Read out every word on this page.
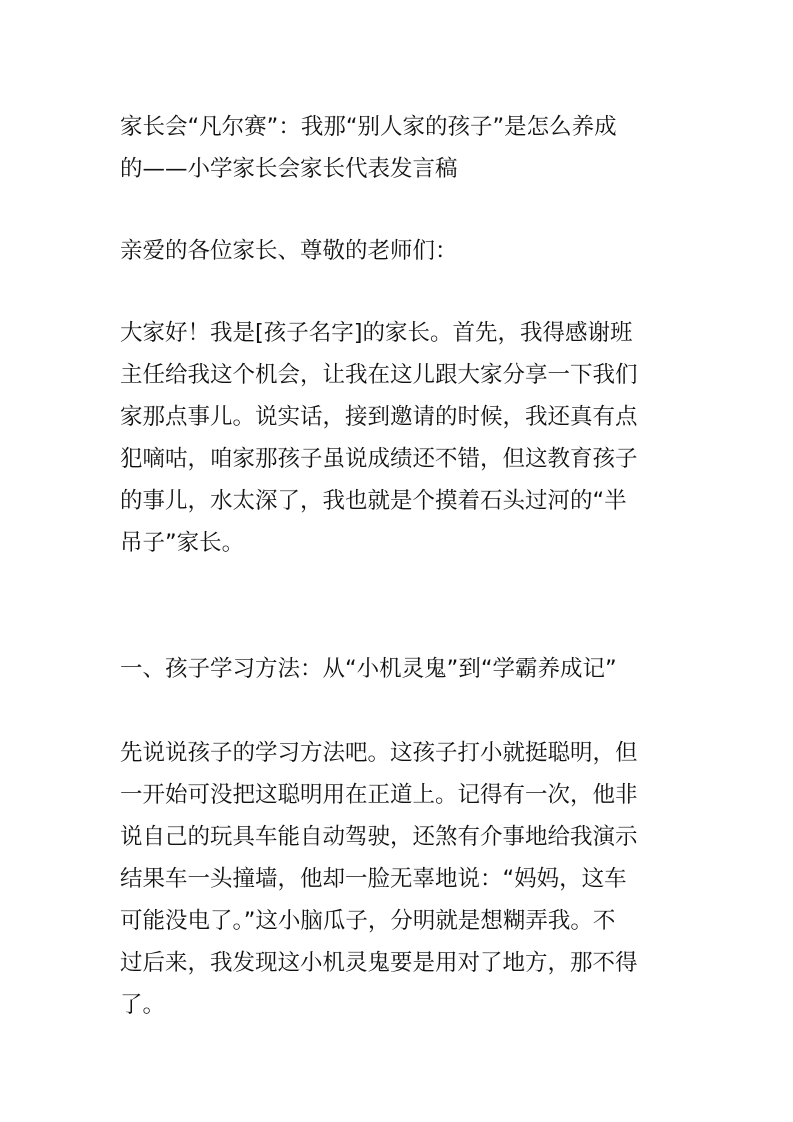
家长会“凡尔赛”：我那“别人家的孩子”是怎么养成
的——小学家长会家长代表发言稿
亲爱的各位家长、尊敬的老师们：
大家好！我是[孩子名字]的家长。首先，我得感谢班
主任给我这个机会，让我在这儿跟大家分享一下我们
家那点事儿。说实话，接到邀请的时候，我还真有点
犯嘀咕，咱家那孩子虽说成绩还不错，但这教育孩子
的事儿，水太深了，我也就是个摸着石头过河的“半
吊子”家长。
一、孩子学习方法：从“小机灵鬼”到“学霸养成记”
先说说孩子的学习方法吧。这孩子打小就挺聪明，但
一开始可没把这聪明用在正道上。记得有一次，他非
说自己的玩具车能自动驾驶，还煞有介事地给我演示
结果车一头撞墙，他却一脸无辜地说：“妈妈，这车
可能没电了。”这小脑瓜子，分明就是想糊弄我。不
过后来，我发现这小机灵鬼要是用对了地方，那不得
了。
